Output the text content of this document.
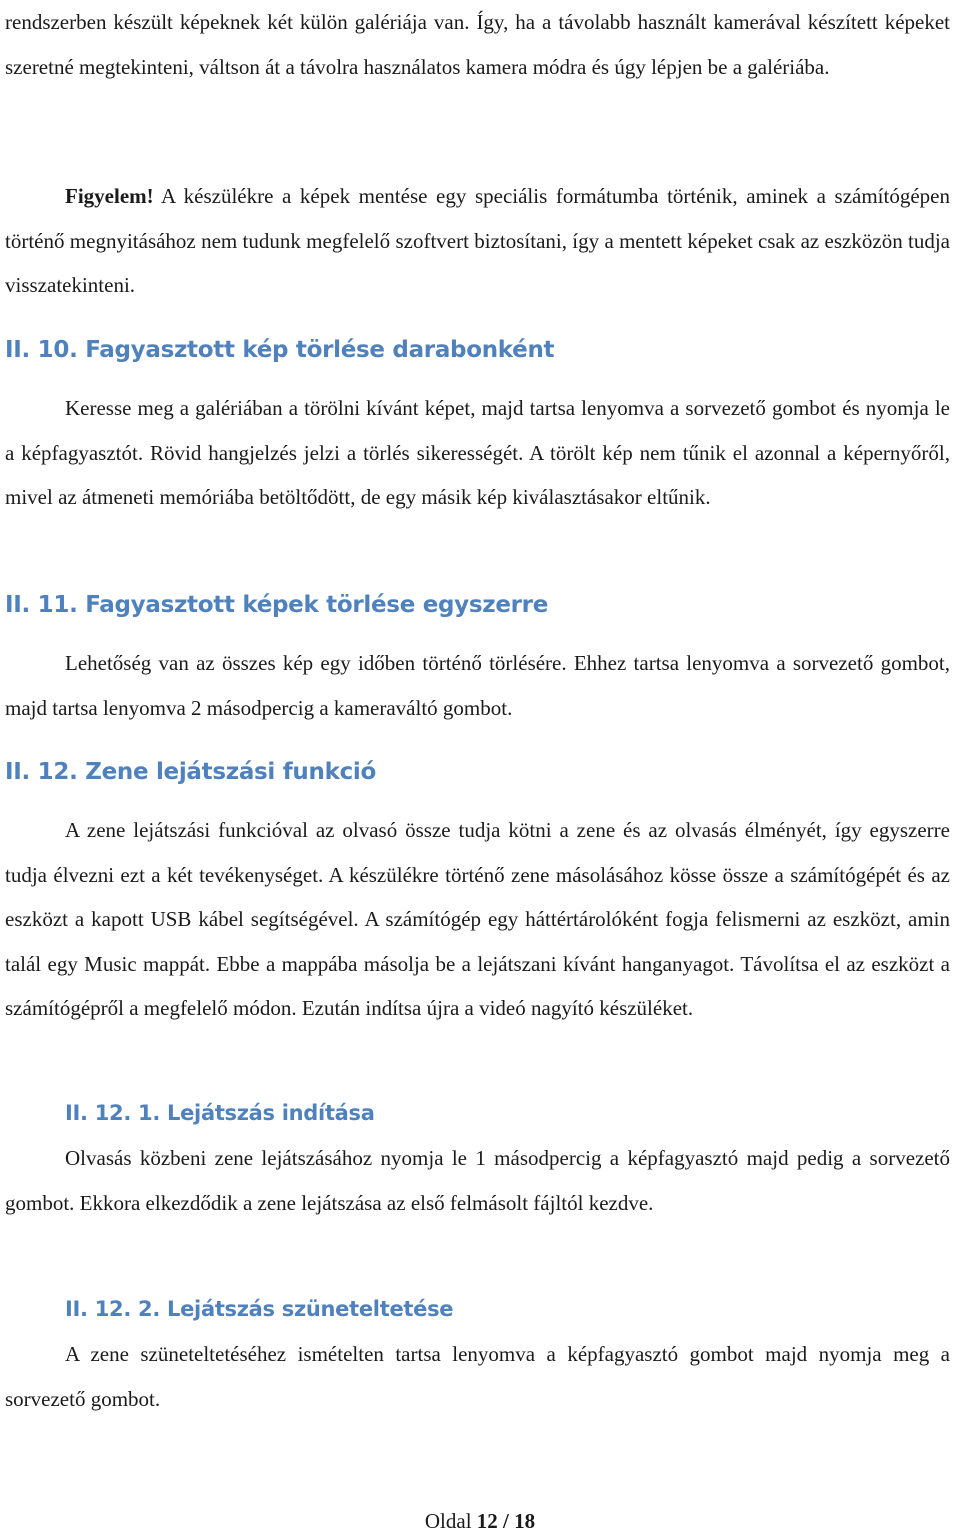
rendszerben készült képeknek két külön galériája van. Így, ha a távolabb használt kamerával készített képeket szeretné megtekinteni, váltson át a távolra használatos kamera módra és úgy lépjen be a galériába.

Figyelem! A készülékre a képek mentése egy speciális formátumba történik, aminek a számítógépen történő megnyitásához nem tudunk megfelelő szoftvert biztosítani, így a mentett képeket csak az eszközön tudja visszatekinteni.

II. 10. Fagyasztott kép törlése darabonként

Keresse meg a galériában a törölni kívánt képet, majd tartsa lenyomva a sorvezető gombot és nyomja le a képfagyasztót. Rövid hangjelzés jelzi a törlés sikerességét. A törölt kép nem tűnik el azonnal a képernyőről, mivel az átmeneti memóriába betöltődött, de egy másik kép kiválasztásakor eltűnik.

II. 11. Fagyasztott képek törlése egyszerre

Lehetőség van az összes kép egy időben történő törlésére. Ehhez tartsa lenyomva a sorvezető gombot, majd tartsa lenyomva 2 másodpercig a kameraváltó gombot.

II. 12. Zene lejátszási funkció

A zene lejátszási funkcióval az olvasó össze tudja kötni a zene és az olvasás élményét, így egyszerre tudja élvezni ezt a két tevékenységet. A készülékre történő zene másolásához kösse össze a számítógépét és az eszközt a kapott USB kábel segítségével. A számítógép egy háttértárolóként fogja felismerni az eszközt, amin talál egy Music mappát. Ebbe a mappába másolja be a lejátszani kívánt hanganyagot. Távolítsa el az eszközt a számítógépről a megfelelő módon. Ezután indítsa újra a videó nagyító készüléket.

II. 12. 1. Lejátszás indítása

Olvasás közbeni zene lejátszásához nyomja le 1 másodpercig a képfagyasztó majd pedig a sorvezető gombot. Ekkora elkezdődik a zene lejátszása az első felmásolt fájltól kezdve.

II. 12. 2. Lejátszás szüneteltetése

A zene szüneteltetéséhez ismételten tartsa lenyomva a képfagyasztó gombot majd nyomja meg a sorvezető gombot.

Oldal 12 / 18
